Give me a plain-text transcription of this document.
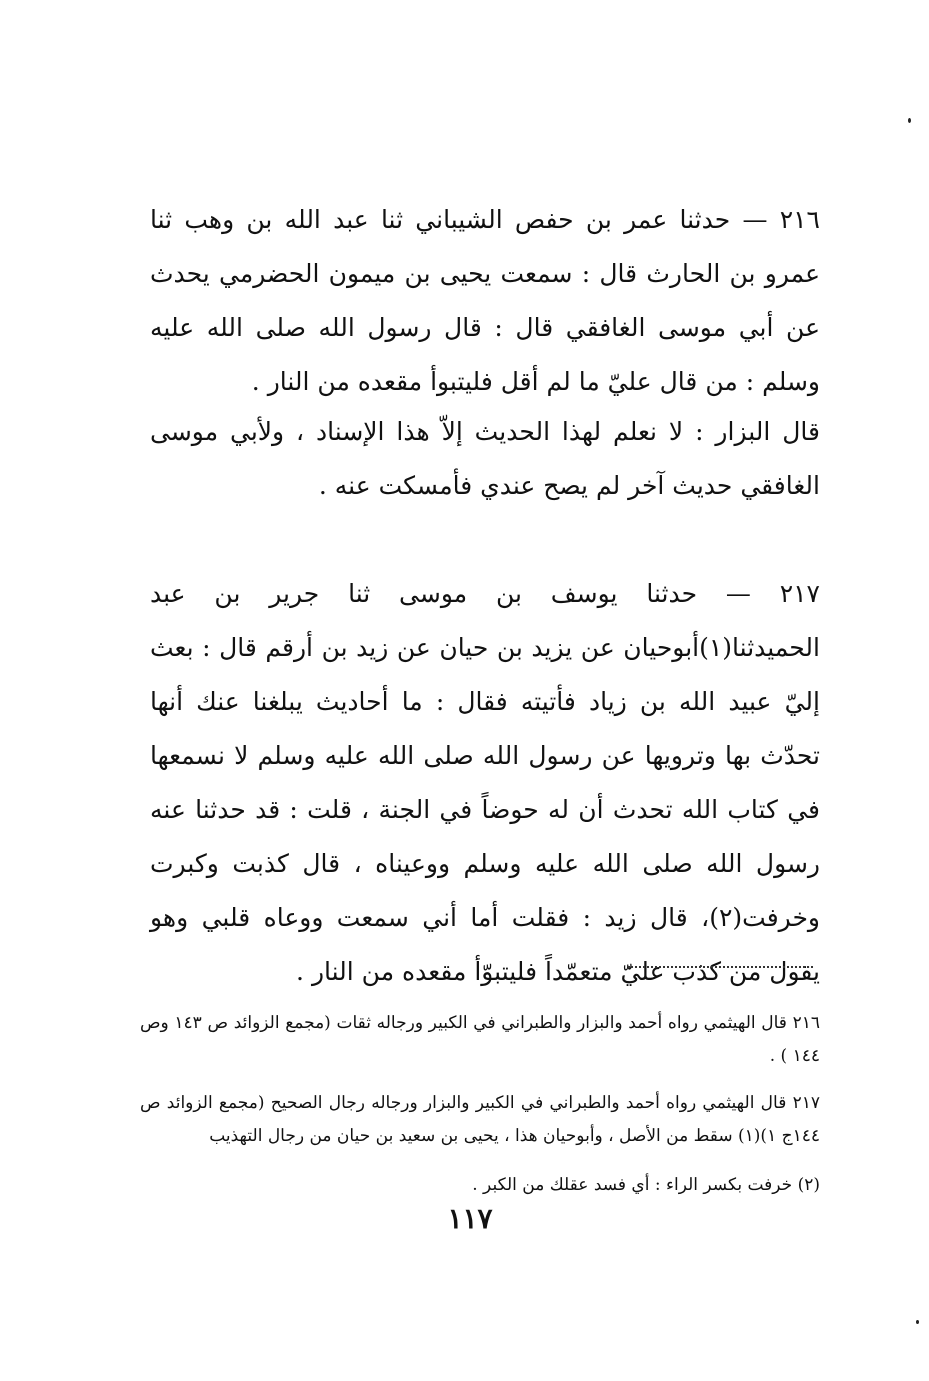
٢١٦ — حدثنا عمر بن حفص الشيباني ثنا عبد الله بن وهب ثنا عمرو بن الحارث قال : سمعت يحيى بن ميمون الحضرمي يحدث عن أبي موسى الغافقي قال : قال رسول الله صلى الله عليه وسلم : من قال عليّ ما لم أقل فليتبوأ مقعده من النار .

قال البزار : لا نعلم لهذا الحديث إلاّ هذا الإسناد ، ولأبي موسى الغافقي حديث آخر لم يصح عندي فأمسكت عنه .

٢١٧ — حدثنا يوسف بن موسى ثنا جرير بن عبد الحميدثنا(١)أبوحيان عن يزيد بن حيان عن زيد بن أرقم قال : بعث إليّ عبيد الله بن زياد فأتيته فقال : ما أحاديث يبلغنا عنك أنها تحدّث بها وترويها عن رسول الله صلى الله عليه وسلم لا نسمعها في كتاب الله تحدث أن له حوضاً في الجنة ، قلت : قد حدثنا عنه رسول الله صلى الله عليه وسلم ووعيناه ، قال كذبت وكبرت وخرفت(٢)، قال زيد : فقلت أما أني سمعت ووعاه قلبي وهو يقول من كذب عليّ متعمّداً فليتبوّأ مقعده من النار .

٢١٦ قال الهيثمي رواه أحمد والبزار والطبراني في الكبير ورجاله ثقات (مجمع الزوائد ص ١٤٣ وص ١٤٤ ) .

٢١٧ قال الهيثمي رواه أحمد والطبراني في الكبير والبزار ورجاله رجال الصحيح (مجمع الزوائد ص ١٤٤ج ١)(١) سقط من الأصل ، وأبوحيان هذا ، يحيى بن سعيد بن حيان من رجال التهذيب

(٢) خرفت بكسر الراء : أي فسد عقلك من الكبر .

١١٧
